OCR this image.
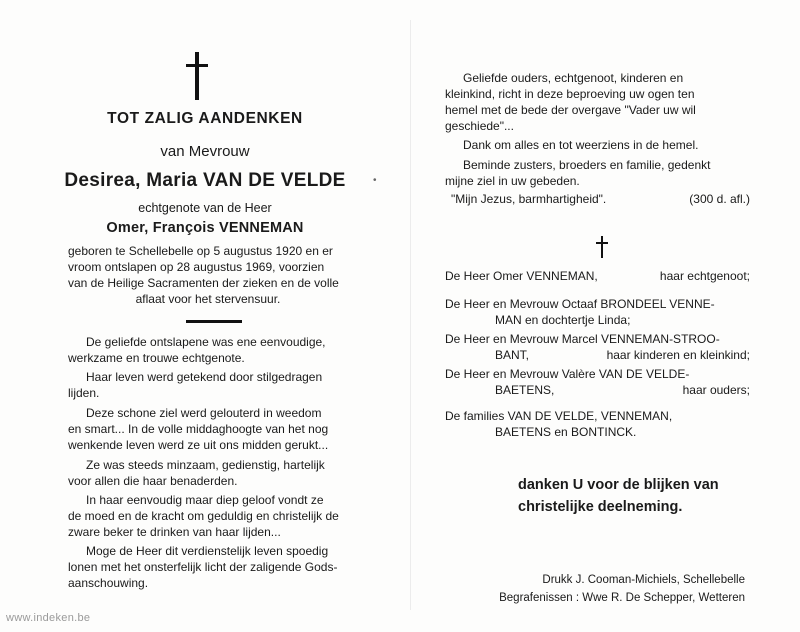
TOT ZALIG AANDENKEN
van Mevrouw
Desirea, Maria VAN DE VELDE
echtgenote van de Heer
Omer, François VENNEMAN
geboren te Schellebelle op 5 augustus 1920 en er
vroom ontslapen op 28 augustus 1969, voorzien
van de Heilige Sacramenten der zieken en de volle
aflaat voor het stervensuur.
De geliefde ontslapene was ene eenvoudige,
werkzame en trouwe echtgenote.
Haar leven werd getekend door stilgedragen
lijden.
Deze schone ziel werd gelouterd in weedom
en smart... In de volle middaghoogte van het nog
wenkende leven werd ze uit ons midden gerukt...
Ze was steeds minzaam, gedienstig, hartelijk
voor allen die haar benaderden.
In haar eenvoudig maar diep geloof vondt ze
de moed en de kracht om geduldig en christelijk de
zware beker te drinken van haar lijden...
Moge de Heer dit verdienstelijk leven spoedig
lonen met het onsterfelijk licht der zaligende Gods-
aanschouwing.
•
Geliefde ouders, echtgenoot, kinderen en
kleinkind, richt in deze beproeving uw ogen ten
hemel met de bede der overgave "Vader uw wil
geschiede"...
Dank om alles en tot weerziens in de hemel.
Beminde zusters, broeders en familie, gedenkt
mijne ziel in uw gebeden.
"Mijn Jezus, barmhartigheid".	(300 d. afl.)
De Heer Omer VENNEMAN,	haar echtgenoot;
De Heer en Mevrouw Octaaf BRONDEEL VENNE-
MAN en dochtertje Linda;
De Heer en Mevrouw Marcel VENNEMAN-STROO-
BANT,	haar kinderen en kleinkind;
De Heer en Mevrouw Valère VAN DE VELDE-
BAETENS,	haar ouders;
De families VAN DE VELDE, VENNEMAN,
BAETENS en BONTINCK.
danken U voor de blijken van
christelijke deelneming.
Drukk J. Cooman-Michiels, Schellebelle
Begrafenissen : Wwe R. De Schepper, Wetteren
www.indeken.be
